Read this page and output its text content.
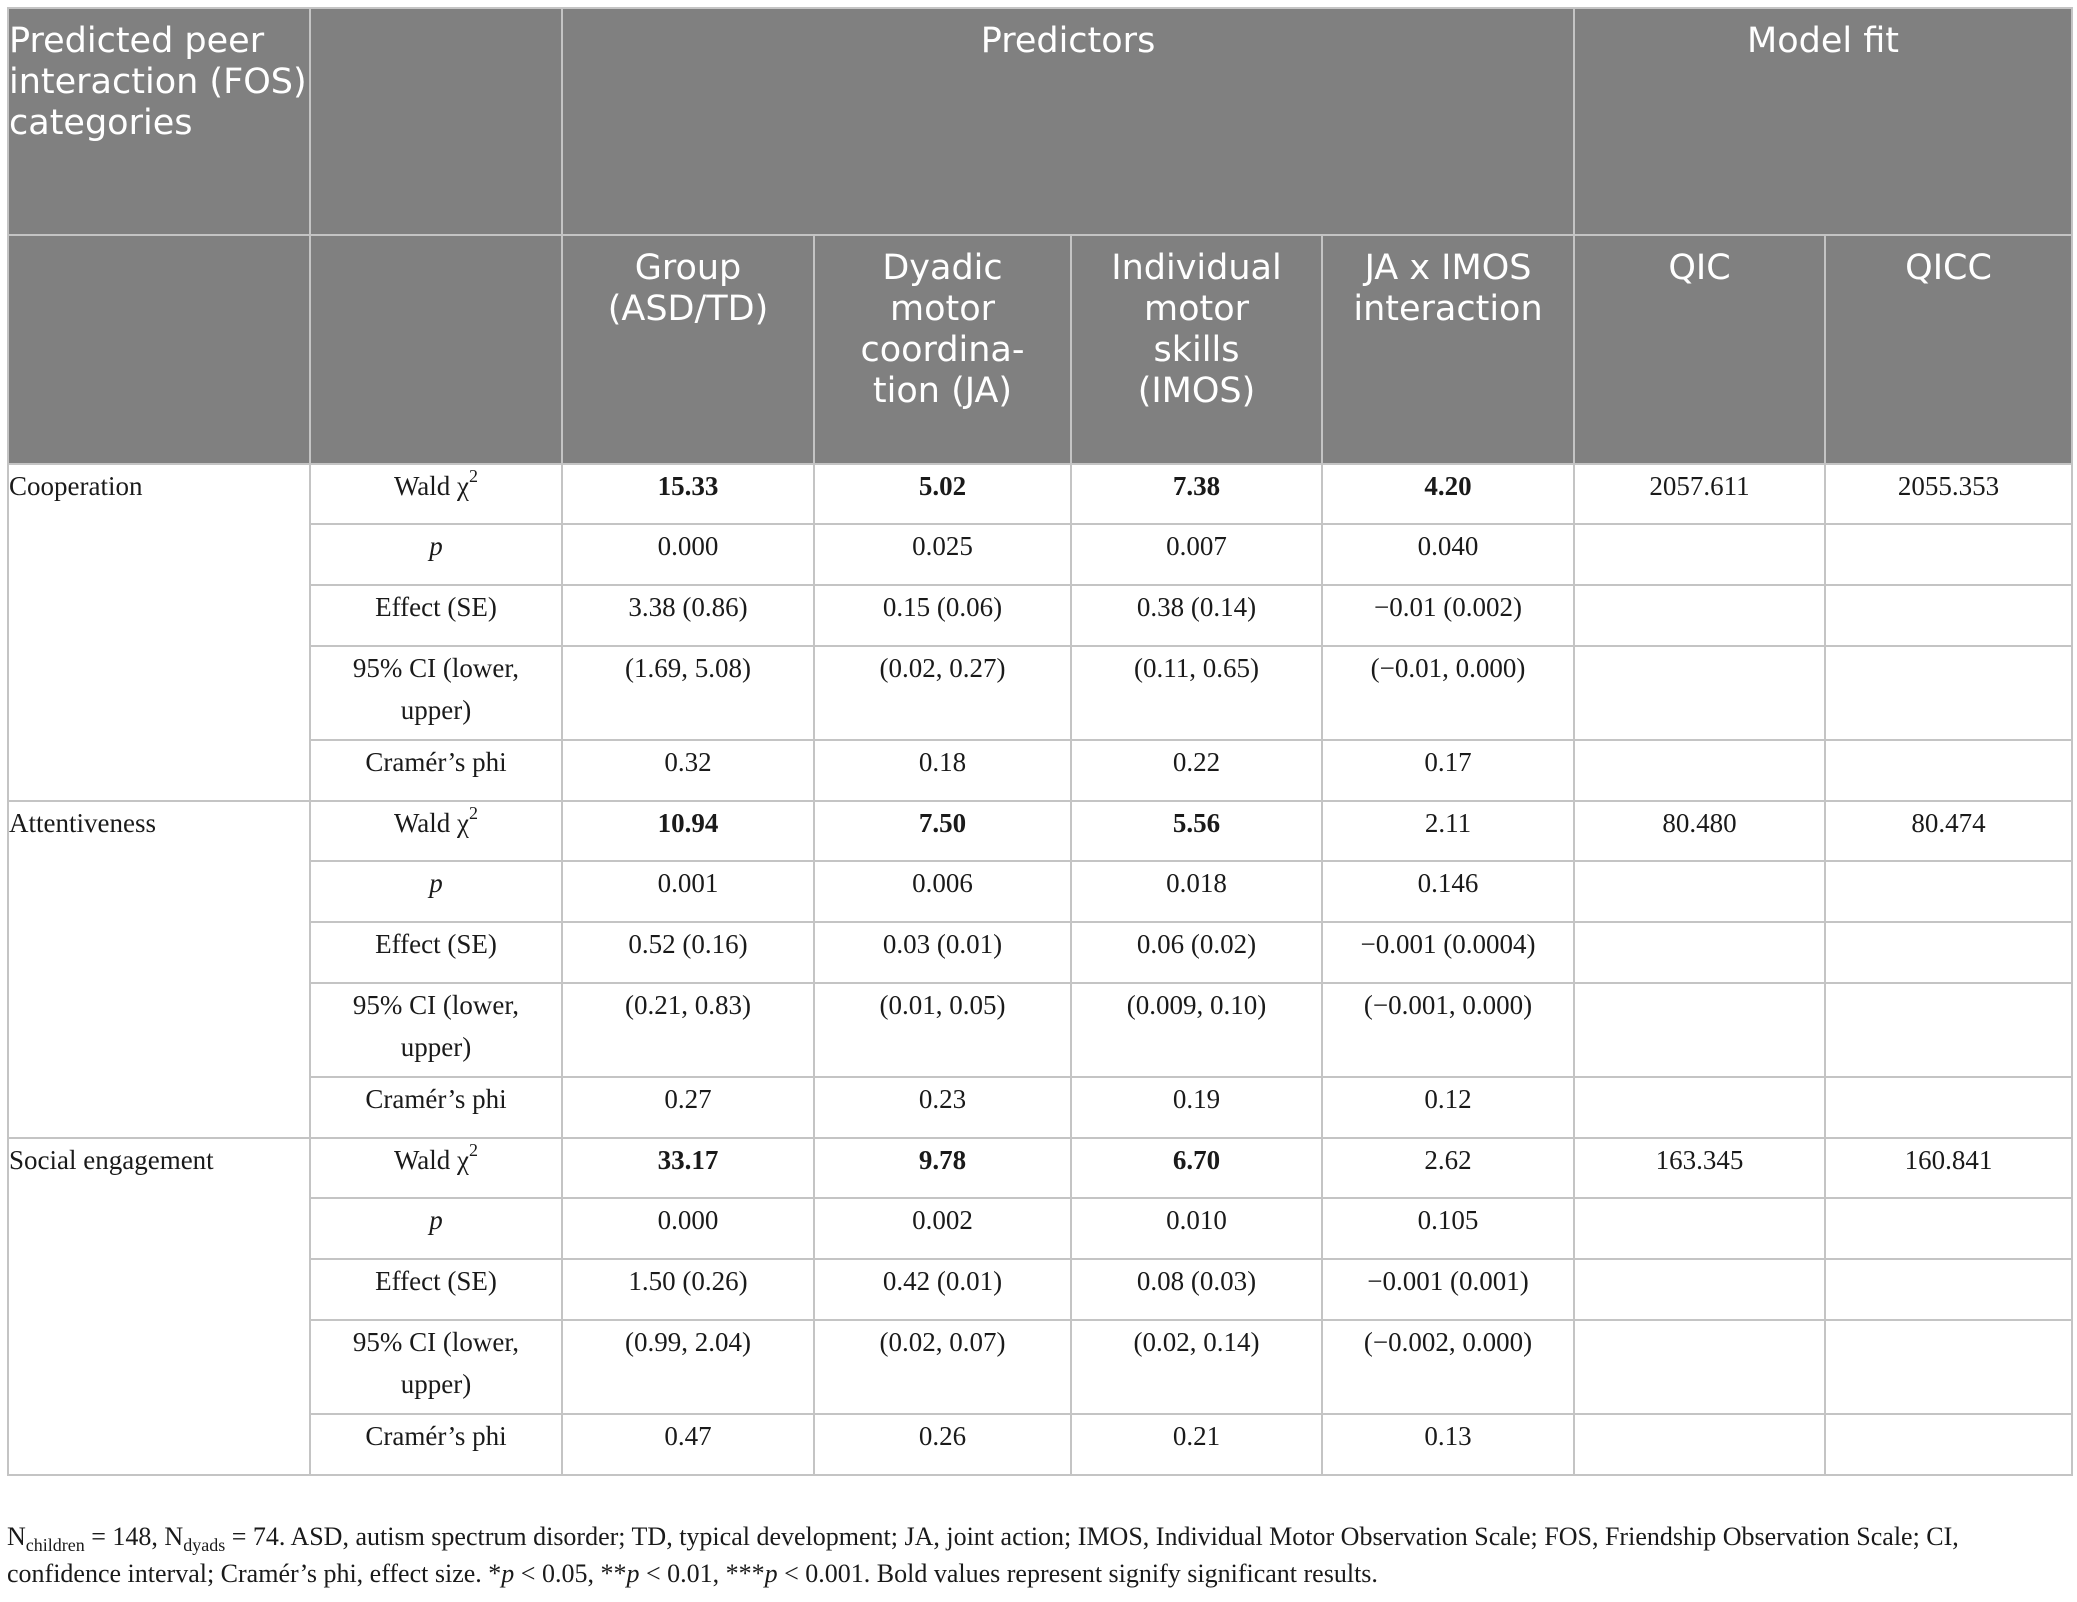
Predicted peer interaction (FOS) categories		Predictors				Model fit	
		Group (ASD/TD)	Dyadic motor coordina-tion (JA)	Individual motor skills (IMOS)	JA x IMOS interaction	QIC	QICC
Cooperation	Wald $\chi^2$	15.33	5.02	7.38	4.20	2057.611	2055.353
	p	0.000	0.025	0.007	0.040		
	Effect (SE)	3.38 (0.86)	0.15 (0.06)	0.38 (0.14)	−0.01 (0.002)		
	95% CI (lower, upper)	(1.69, 5.08)	(0.02, 0.27)	(0.11, 0.65)	(−0.01, 0.000)		
	Cramér’s phi	0.32	0.18	0.22	0.17		
Attentiveness	Wald $\chi^2$	10.94	7.50	5.56	2.11	80.480	80.474
	p	0.001	0.006	0.018	0.146		
	Effect (SE)	0.52 (0.16)	0.03 (0.01)	0.06 (0.02)	−0.001 (0.0004)		
	95% CI (lower, upper)	(0.21, 0.83)	(0.01, 0.05)	(0.009, 0.10)	(−0.001, 0.000)		
	Cramér’s phi	0.27	0.23	0.19	0.12		
Social engagement	Wald $\chi^2$	33.17	9.78	6.70	2.62	163.345	160.841
	p	0.000	0.002	0.010	0.105		
	Effect (SE)	1.50 (0.26)	0.42 (0.01)	0.08 (0.03)	−0.001 (0.001)		
	95% CI (lower, upper)	(0.99, 2.04)	(0.02, 0.07)	(0.02, 0.14)	(−0.002, 0.000)		
	Cramér’s phi	0.47	0.26	0.21	0.13		
$N_{children} = 148$, $N_{dyads} = 74$. ASD, autism spectrum disorder; TD, typical development; JA, joint action; IMOS, Individual Motor Observation Scale; FOS, Friendship Observation Scale; CI, confidence interval; Cramér’s phi, effect size. *p < 0.05, **p < 0.01, ***p < 0.001. Bold values represent signify significant results.
